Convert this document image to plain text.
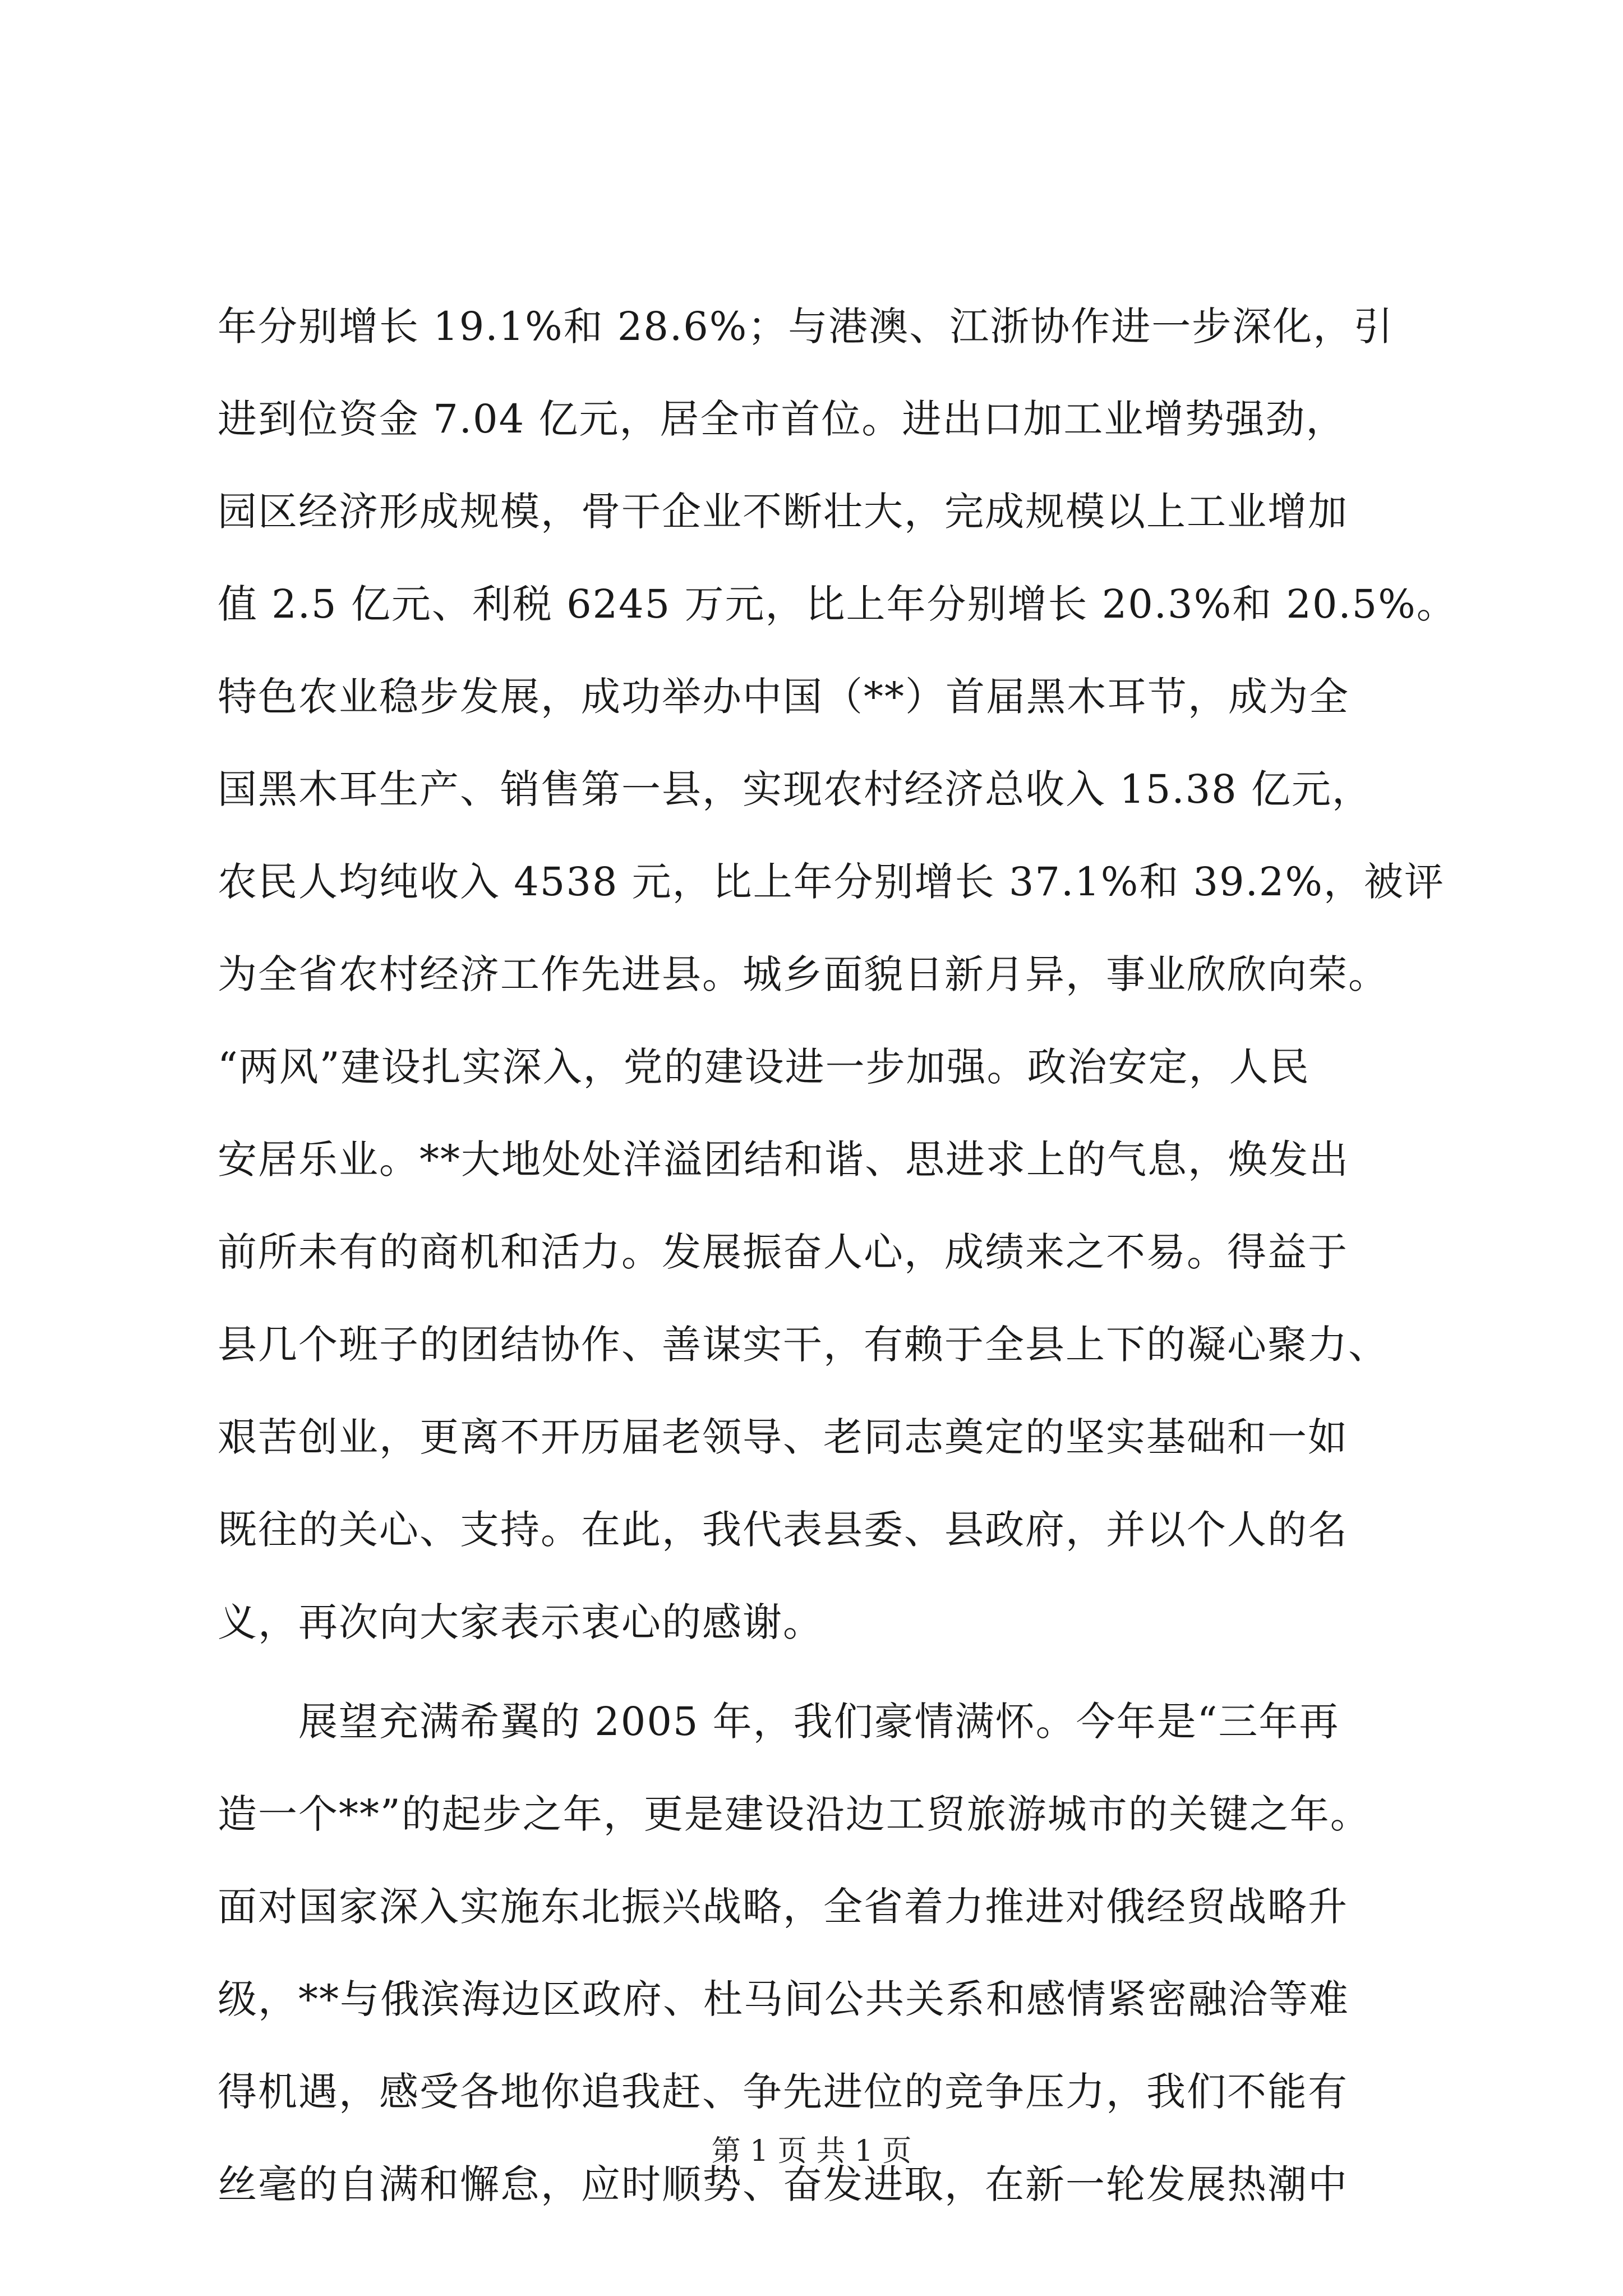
年分别增长 19.1%和 28.6%；与港澳、江浙协作进一步深化，引
进到位资金 7.04 亿元，居全市首位。进出口加工业增势强劲，
园区经济形成规模，骨干企业不断壮大，完成规模以上工业增加
值 2.5 亿元、利税 6245 万元，比上年分别增长 20.3%和 20.5%。
特色农业稳步发展，成功举办中国（**）首届黑木耳节，成为全
国黑木耳生产、销售第一县，实现农村经济总收入 15.38 亿元，
农民人均纯收入 4538 元，比上年分别增长 37.1%和 39.2%，被评
为全省农村经济工作先进县。城乡面貌日新月异，事业欣欣向荣。
“两风”建设扎实深入，党的建设进一步加强。政治安定，人民
安居乐业。**大地处处洋溢团结和谐、思进求上的气息，焕发出
前所未有的商机和活力。发展振奋人心，成绩来之不易。得益于
县几个班子的团结协作、善谋实干，有赖于全县上下的凝心聚力、
艰苦创业，更离不开历届老领导、老同志奠定的坚实基础和一如
既往的关心、支持。在此，我代表县委、县政府，并以个人的名
义，再次向大家表示衷心的感谢。
　　展望充满希翼的 2005 年，我们豪情满怀。今年是“三年再
造一个**”的起步之年，更是建设沿边工贸旅游城市的关键之年。
面对国家深入实施东北振兴战略，全省着力推进对俄经贸战略升
级，**与俄滨海边区政府、杜马间公共关系和感情紧密融洽等难
得机遇，感受各地你追我赶、争先进位的竞争压力，我们不能有
丝毫的自满和懈怠，应时顺势、奋发进取，在新一轮发展热潮中
第 1 页 共 1 页
